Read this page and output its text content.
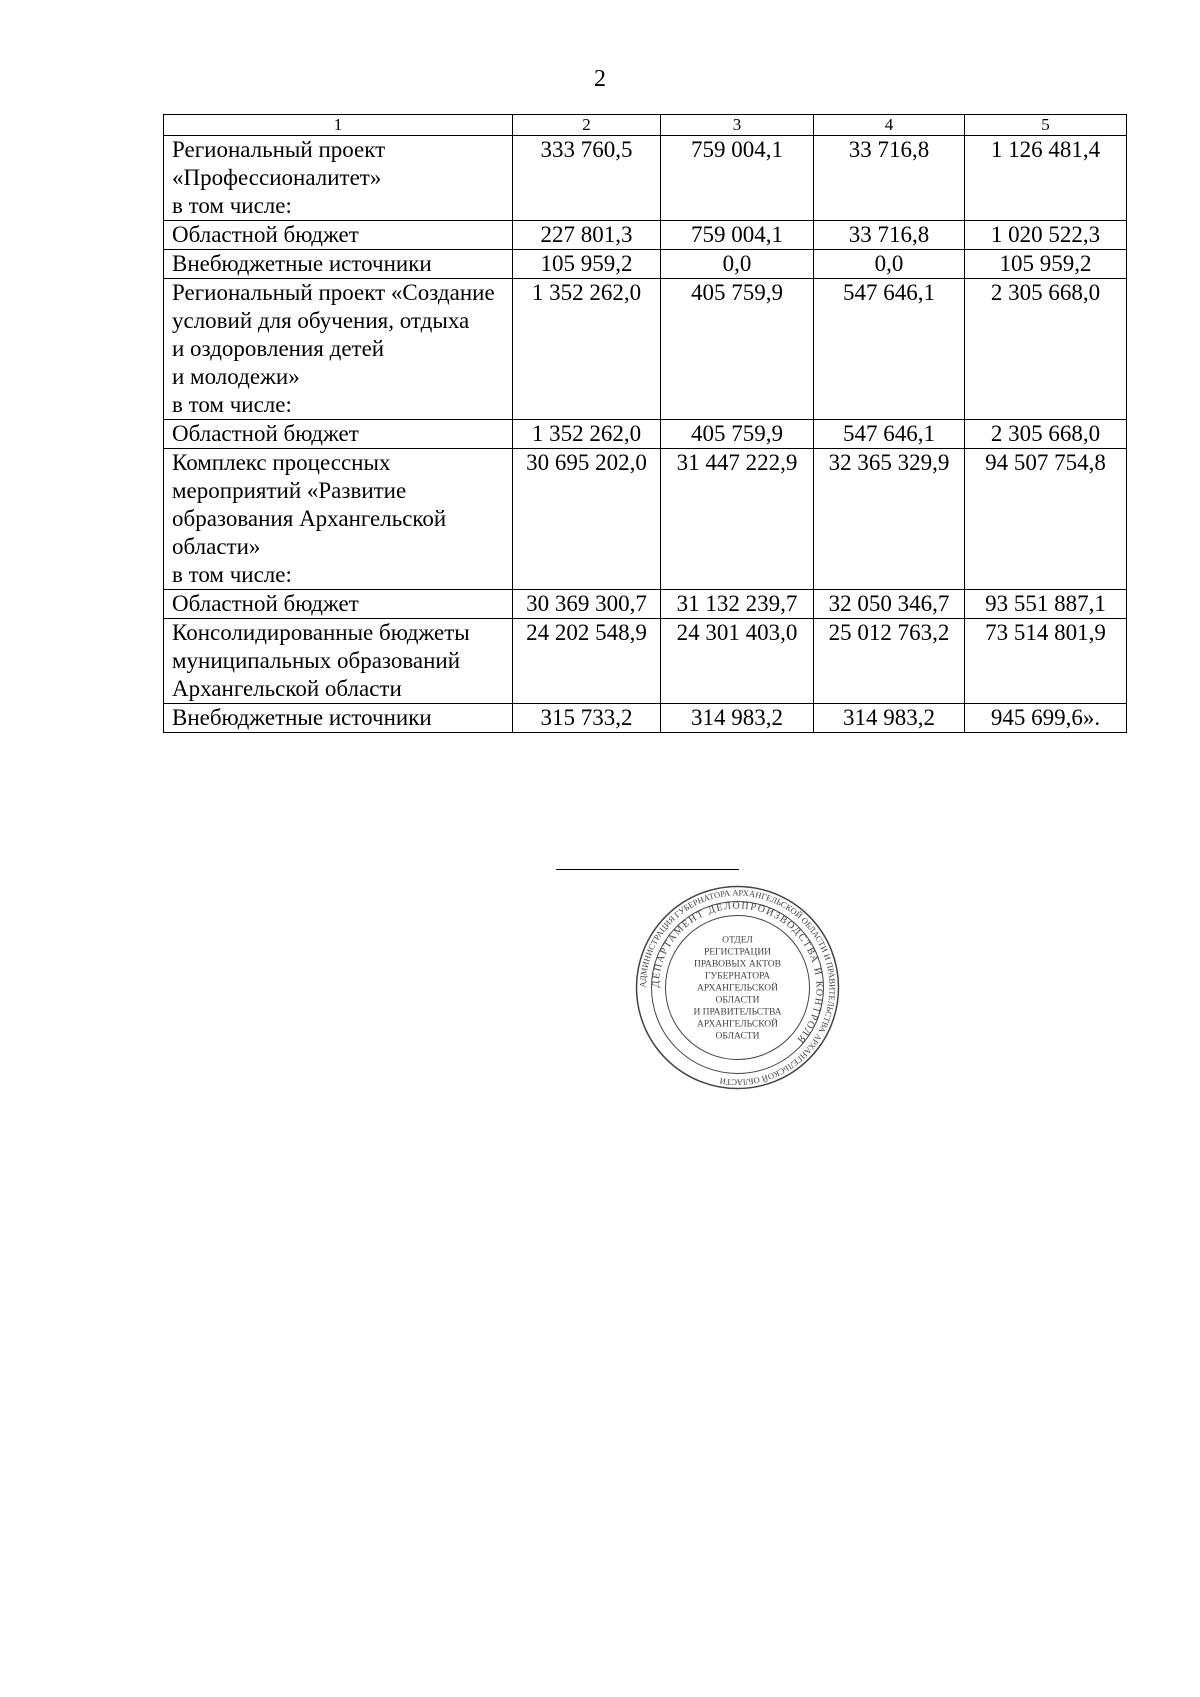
2
1	2	3	4	5

Региональный проект
«Профессионалитет»
в том числе:	333 760,5	759 004,1	33 716,8	1 126 481,4

Областной бюджет	227 801,3	759 004,1	33 716,8	1 020 522,3

Внебюджетные источники	105 959,2	0,0	0,0	105 959,2

Региональный проект «Создание
условий для обучения, отдыха
и оздоровления детей
и молодежи»
в том числе:	1 352 262,0	405 759,9	547 646,1	2 305 668,0

Областной бюджет	1 352 262,0	405 759,9	547 646,1	2 305 668,0

Комплекс процессных
мероприятий «Развитие
образования Архангельской
области»
в том числе:	30 695 202,0	31 447 222,9	32 365 329,9	94 507 754,8

Областной бюджет	30 369 300,7	31 132 239,7	32 050 346,7	93 551 887,1

Консолидированные бюджеты
муниципальных образований
Архангельской области	24 202 548,9	24 301 403,0	25 012 763,2	73 514 801,9

Внебюджетные источники	315 733,2	314 983,2	314 983,2	945 699,6».
АДМИНИСТРАЦИЯ ГУБЕРНАТОРА АРХАНГЕЛЬСКОЙ ОБЛАСТИ И ПРАВИТЕЛЬСТВА АРХАНГЕЛЬСКОЙ ОБЛАСТИ
ДЕПАРТАМЕНТ ДЕЛОПРОИЗВОДСТВА И КОНТРОЛЯ
ОТДЕЛ РЕГИСТРАЦИИ ПРАВОВЫХ АКТОВ ГУБЕРНАТОРА АРХАНГЕЛЬСКОЙ ОБЛАСТИ И ПРАВИТЕЛЬСТВА АРХАНГЕЛЬСКОЙ ОБЛАСТИ
